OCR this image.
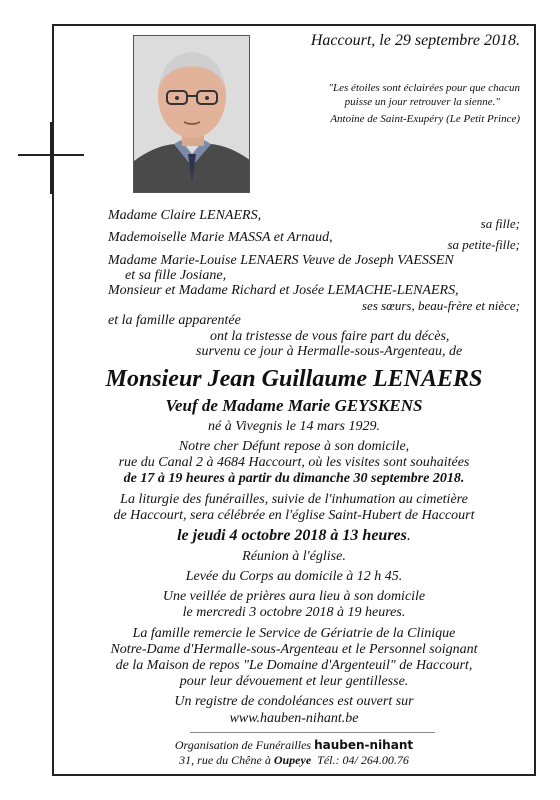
Haccourt, le 29 septembre 2018.
"Les étoiles sont éclairées pour que chacun
puisse un jour retrouver la sienne."
Antoine de Saint-Exupéry (Le Petit Prince)
Madame Claire LENAERS,
sa fille;
Mademoiselle Marie MASSA et Arnaud,	sa petite-fille;
Madame Marie-Louise LENAERS Veuve de Joseph VAESSEN
et sa fille Josiane,
Monsieur et Madame Richard et Josée LEMACHE-LENAERS,
ses sœurs, beau-frère et nièce;
et la famille apparentée
ont la tristesse de vous faire part du décès,
survenu ce jour à Hermalle-sous-Argenteau, de
Monsieur Jean Guillaume LENAERS
Veuf de Madame Marie GEYSKENS
né à Vivegnis le 14 mars 1929.
Notre cher Défunt repose à son domicile,
rue du Canal 2 à 4684 Haccourt, où les visites sont souhaitées
de 17 à 19 heures à partir du dimanche 30 septembre 2018.
La liturgie des funérailles, suivie de l'inhumation au cimetière
de Haccourt, sera célébrée en l'église Saint-Hubert de Haccourt
le jeudi 4 octobre 2018 à 13 heures.
Réunion à l'église.
Levée du Corps au domicile à 12 h 45.
Une veillée de prières aura lieu à son domicile
le mercredi 3 octobre 2018 à 19 heures.
La famille remercie le Service de Gériatrie de la Clinique
Notre-Dame d'Hermalle-sous-Argenteau et le Personnel soignant
de la Maison de repos "Le Domaine d'Argenteuil" de Haccourt,
pour leur dévouement et leur gentillesse.
Un registre de condoléances est ouvert sur
www.hauben-nihant.be
Organisation de Funérailles hauben-nihant
31, rue du Chêne à Oupeye  Tél.: 04/ 264.00.76
